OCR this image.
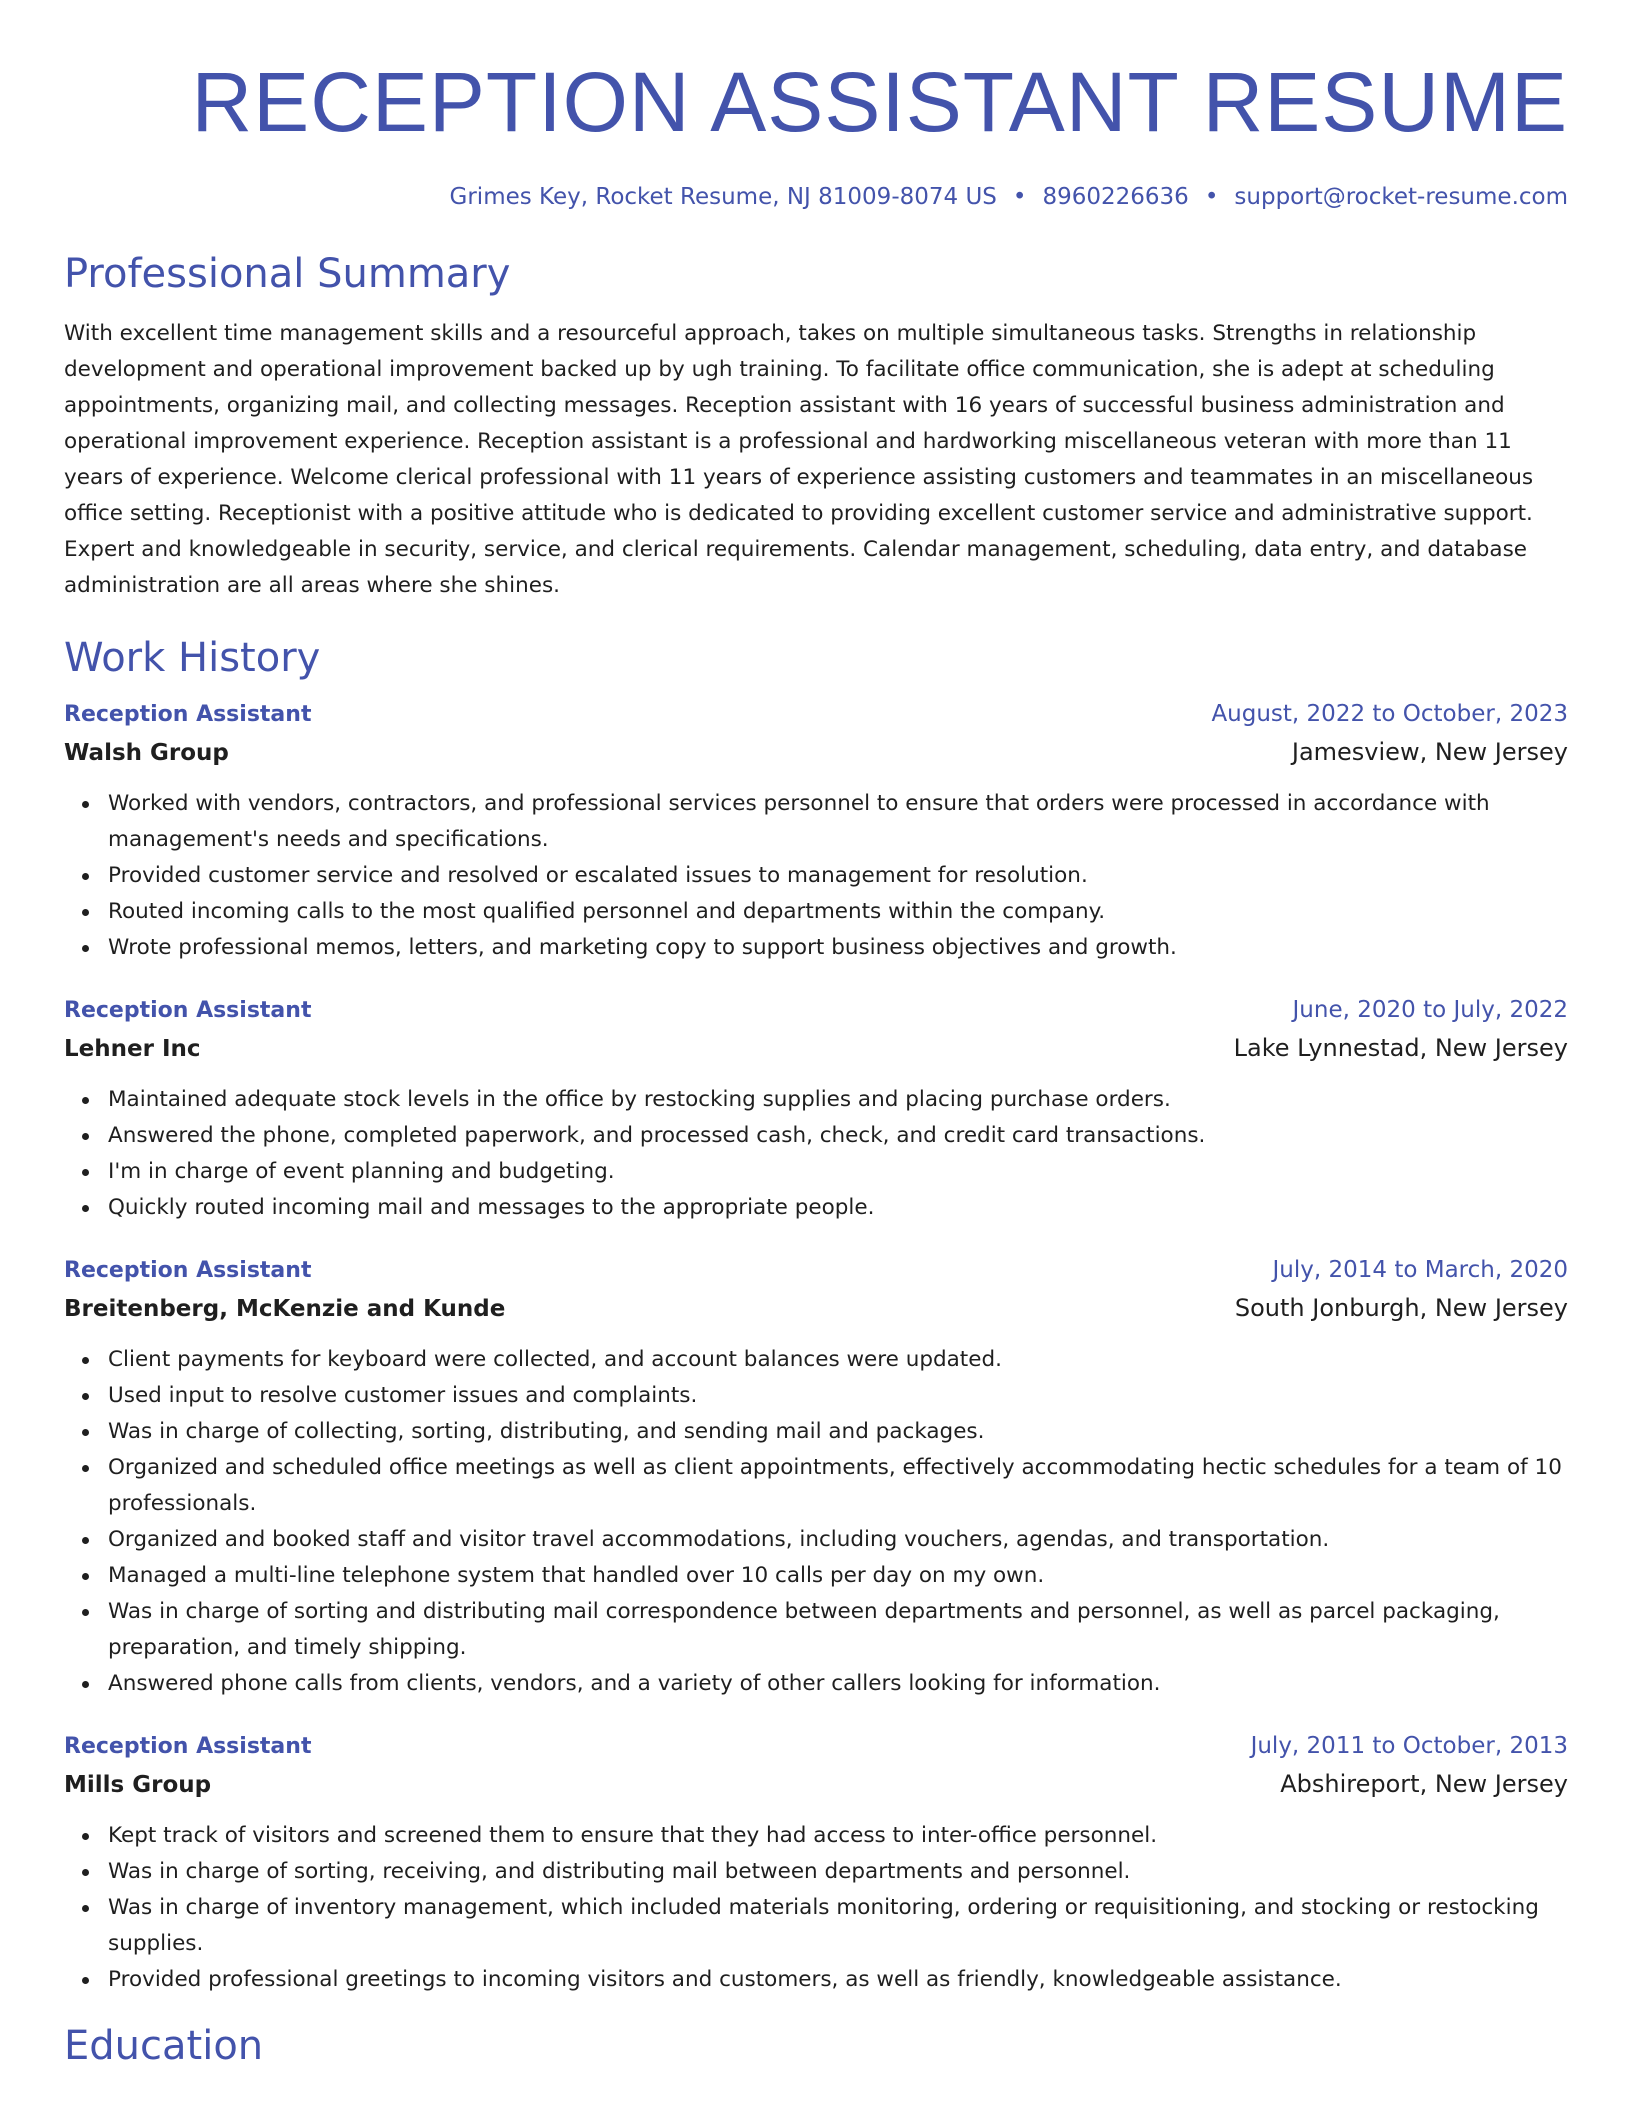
RECEPTION ASSISTANT RESUME
Grimes Key, Rocket Resume, NJ 81009-8074 US • 8960226636 • support@rocket-resume.com
Professional Summary
With excellent time management skills and a resourceful approach, takes on multiple simultaneous tasks. Strengths in relationship development and operational improvement backed up by ugh training. To facilitate office communication, she is adept at scheduling appointments, organizing mail, and collecting messages. Reception assistant with 16 years of successful business administration and operational improvement experience. Reception assistant is a professional and hardworking miscellaneous veteran with more than 11 years of experience. Welcome clerical professional with 11 years of experience assisting customers and teammates in an miscellaneous office setting. Receptionist with a positive attitude who is dedicated to providing excellent customer service and administrative support. Expert and knowledgeable in security, service, and clerical requirements. Calendar management, scheduling, data entry, and database administration are all areas where she shines.
Work History
Reception Assistant	August, 2022 to October, 2023
Walsh Group	Jamesview, New Jersey
Worked with vendors, contractors, and professional services personnel to ensure that orders were processed in accordance with management's needs and specifications.
Provided customer service and resolved or escalated issues to management for resolution.
Routed incoming calls to the most qualified personnel and departments within the company.
Wrote professional memos, letters, and marketing copy to support business objectives and growth.
Reception Assistant	June, 2020 to July, 2022
Lehner Inc	Lake Lynnestad, New Jersey
Maintained adequate stock levels in the office by restocking supplies and placing purchase orders.
Answered the phone, completed paperwork, and processed cash, check, and credit card transactions.
I'm in charge of event planning and budgeting.
Quickly routed incoming mail and messages to the appropriate people.
Reception Assistant	July, 2014 to March, 2020
Breitenberg, McKenzie and Kunde	South Jonburgh, New Jersey
Client payments for keyboard were collected, and account balances were updated.
Used input to resolve customer issues and complaints.
Was in charge of collecting, sorting, distributing, and sending mail and packages.
Organized and scheduled office meetings as well as client appointments, effectively accommodating hectic schedules for a team of 10 professionals.
Organized and booked staff and visitor travel accommodations, including vouchers, agendas, and transportation.
Managed a multi-line telephone system that handled over 10 calls per day on my own.
Was in charge of sorting and distributing mail correspondence between departments and personnel, as well as parcel packaging, preparation, and timely shipping.
Answered phone calls from clients, vendors, and a variety of other callers looking for information.
Reception Assistant	July, 2011 to October, 2013
Mills Group	Abshireport, New Jersey
Kept track of visitors and screened them to ensure that they had access to inter-office personnel.
Was in charge of sorting, receiving, and distributing mail between departments and personnel.
Was in charge of inventory management, which included materials monitoring, ordering or requisitioning, and stocking or restocking supplies.
Provided professional greetings to incoming visitors and customers, as well as friendly, knowledgeable assistance.
Education
